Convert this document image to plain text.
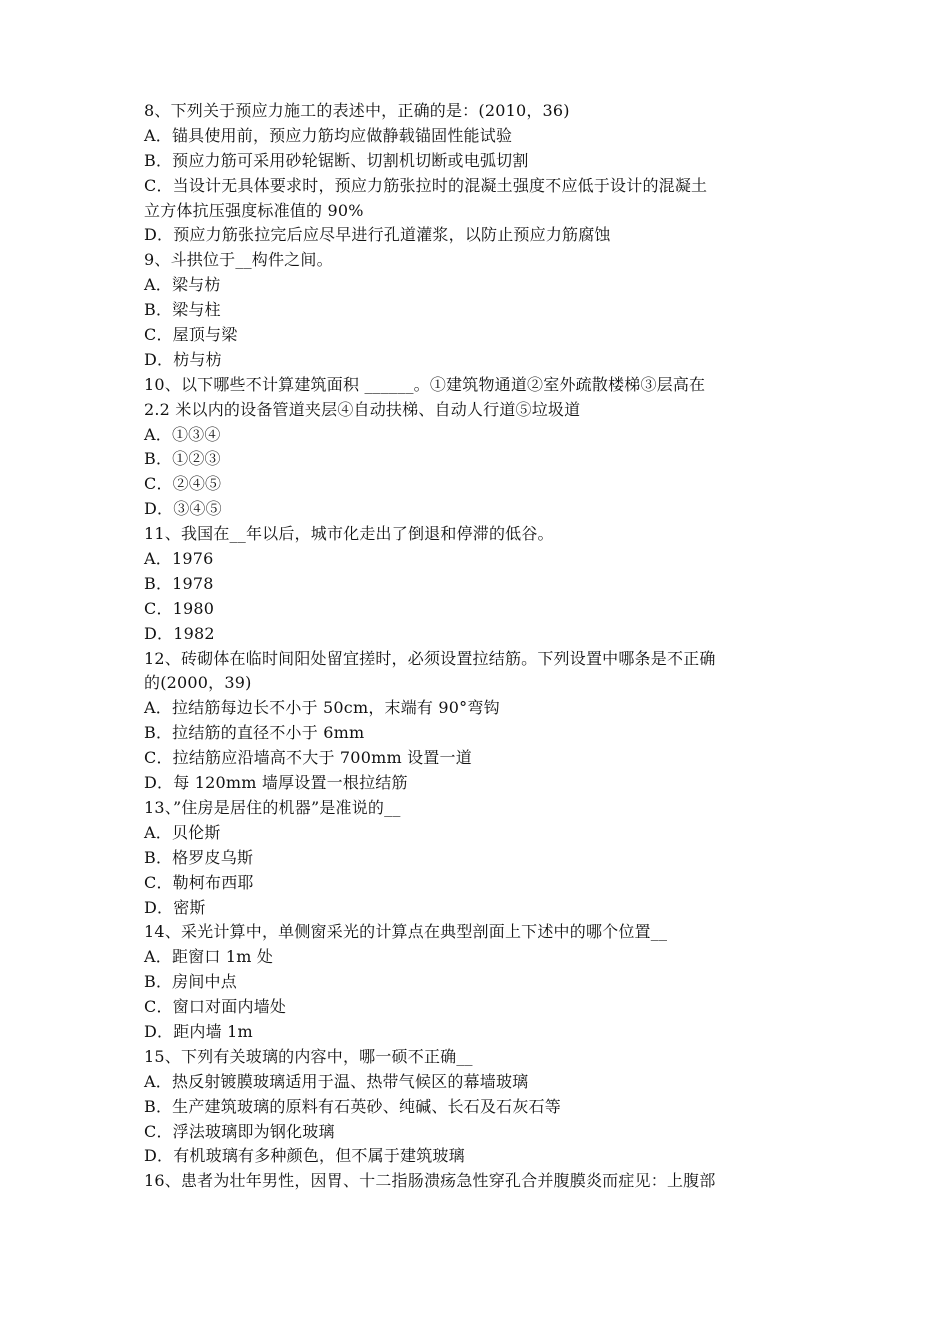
8、下列关于预应力施工的表述中，正确的是：(2010，36)
A．锚具使用前，预应力筋均应做静载锚固性能试验
B．预应力筋可采用砂轮锯断、切割机切断或电弧切割
C．当设计无具体要求时，预应力筋张拉时的混凝土强度不应低于设计的混凝土
立方体抗压强度标准值的 90%
D．预应力筋张拉完后应尽早进行孔道灌浆，以防止预应力筋腐蚀
9、斗拱位于__构件之间。
A．梁与枋
B．梁与柱
C．屋顶与梁
D．枋与枋
10、以下哪些不计算建筑面积 ______。①建筑物通道②室外疏散楼梯③层高在
2.2 米以内的设备管道夹层④自动扶梯、自动人行道⑤垃圾道
A．①③④
B．①②③
C．②④⑤
D．③④⑤
11、我国在__年以后，城市化走出了倒退和停滞的低谷。
A．1976
B．1978
C．1980
D．1982
12、砖砌体在临时间阳处留宜搓时，必须设置拉结筋。下列设置中哪条是不正确
的(2000，39)
A．拉结筋每边长不小于 50cm，末端有 90°弯钩
B．拉结筋的直径不小于 6mm
C．拉结筋应沿墙高不大于 700mm 设置一道
D．每 120mm 墙厚设置一根拉结筋
13、”住房是居住的机器”是准说的__
A．贝伦斯
B．格罗皮乌斯
C．勒柯布西耶
D．密斯
14、采光计算中，单侧窗采光的计算点在典型剖面上下述中的哪个位置__
A．距窗口 1m 处
B．房间中点
C．窗口对面内墙处
D．距内墙 1m
15、下列有关玻璃的内容中，哪一硕不正确__
A．热反射镀膜玻璃适用于温、热带气候区的幕墙玻璃
B．生产建筑玻璃的原料有石英砂、纯碱、长石及石灰石等
C．浮法玻璃即为钢化玻璃
D．有机玻璃有多种颜色，但不属于建筑玻璃
16、患者为壮年男性，因胃、十二指肠溃疡急性穿孔合并腹膜炎而症见：上腹部
